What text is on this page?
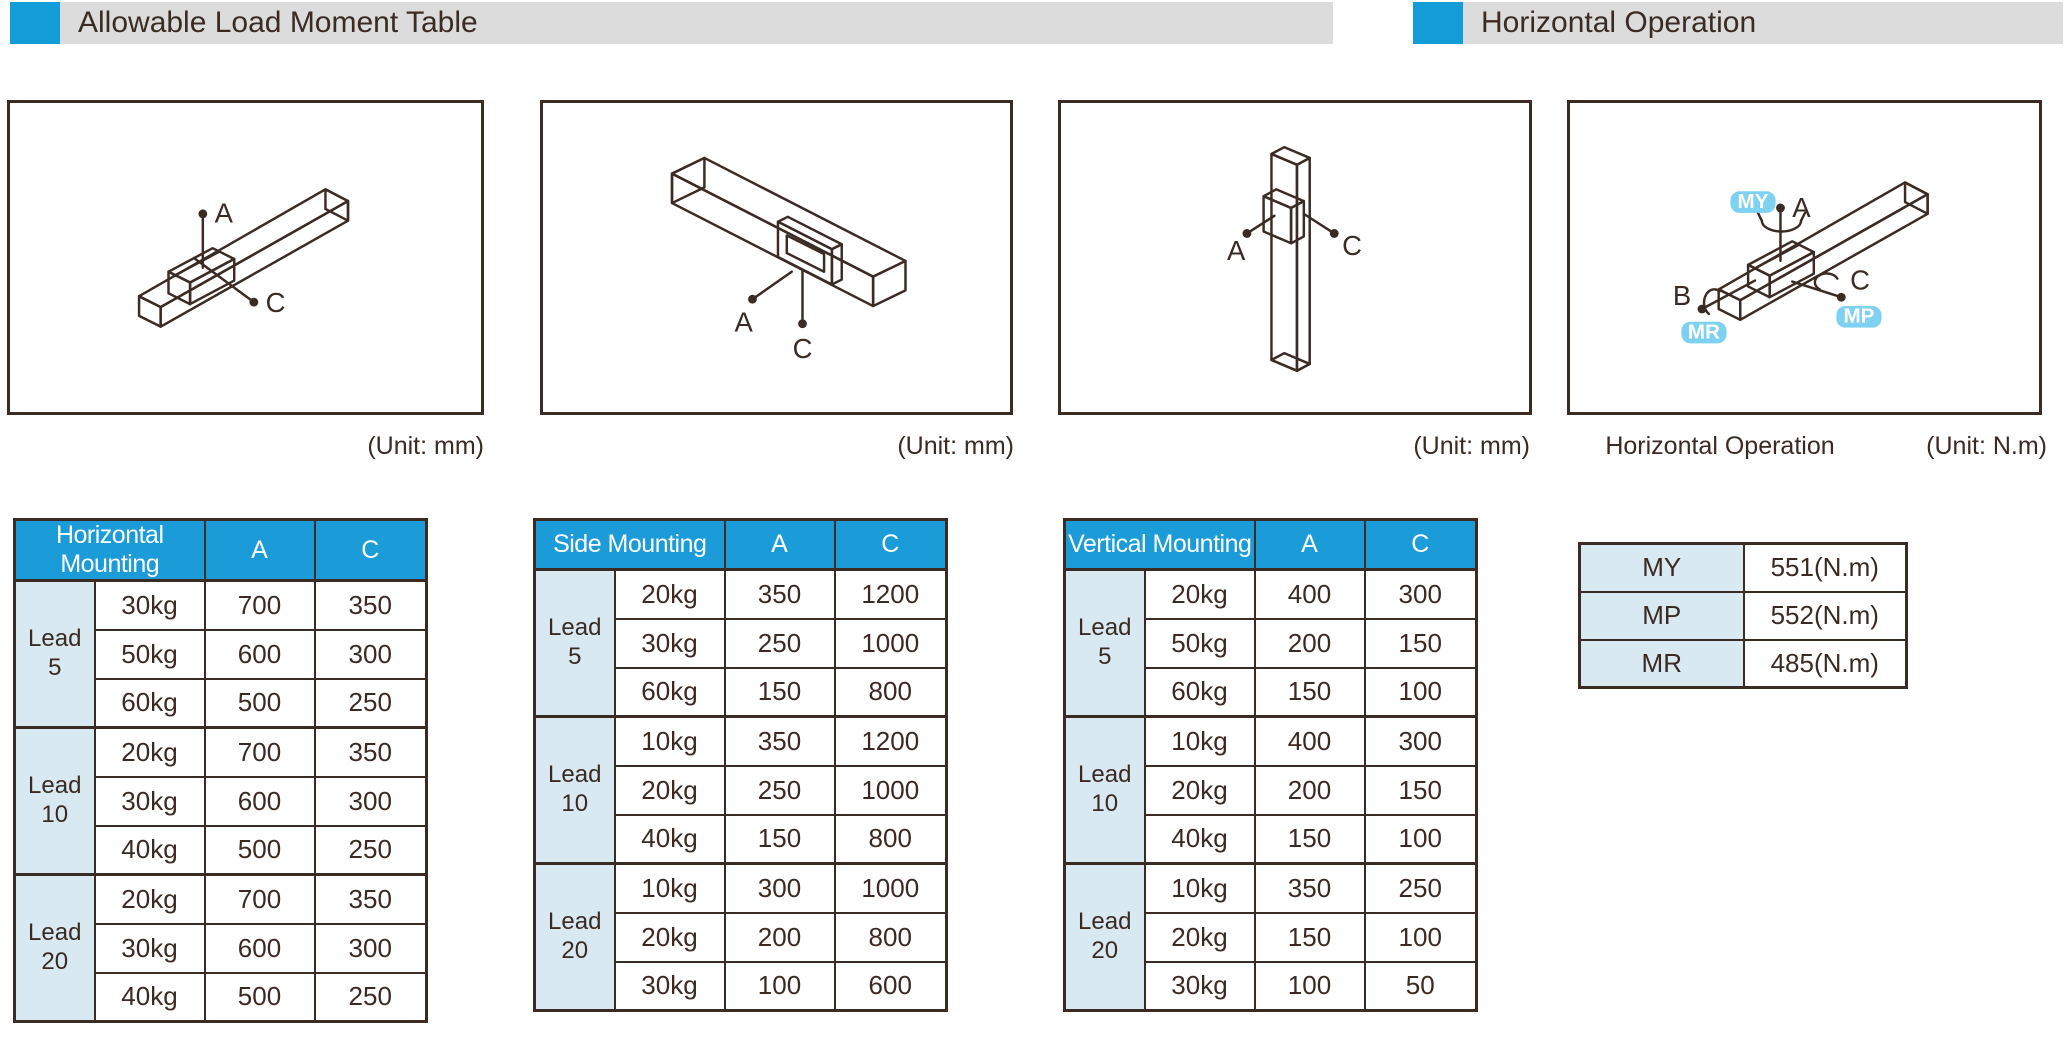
Allowable Load Moment Table	Horizontal Operation
A
C
A
C
A	C
A
B
C
MY
MR
MP
(Unit: mm)	(Unit: mm)	(Unit: mm)	Horizontal Operation	(Unit: N.m)
Horizontal Mounting		A	C

Lead
5	30kg	700	350
	50kg	600	300
	60kg	500	250

Lead
10	20kg	700	350
	30kg	600	300
	40kg	500	250

Lead
20	20kg	700	350
	30kg	600	300
	40kg	500	250
Side Mounting		A	C

Lead
5	20kg	350	1200
	30kg	250	1000
	60kg	150	800

Lead
10	10kg	350	1200
	20kg	250	1000
	40kg	150	800

Lead
20	10kg	300	1000
	20kg	200	800
	30kg	100	600
Vertical Mounting		A	C

Lead
5	20kg	400	300
	50kg	200	150
	60kg	150	100

Lead
10	10kg	400	300
	20kg	200	150
	40kg	150	100

Lead
20	10kg	350	250
	20kg	150	100
	30kg	100	50
MY	551(N.m)
MP	552(N.m)
MR	485(N.m)
